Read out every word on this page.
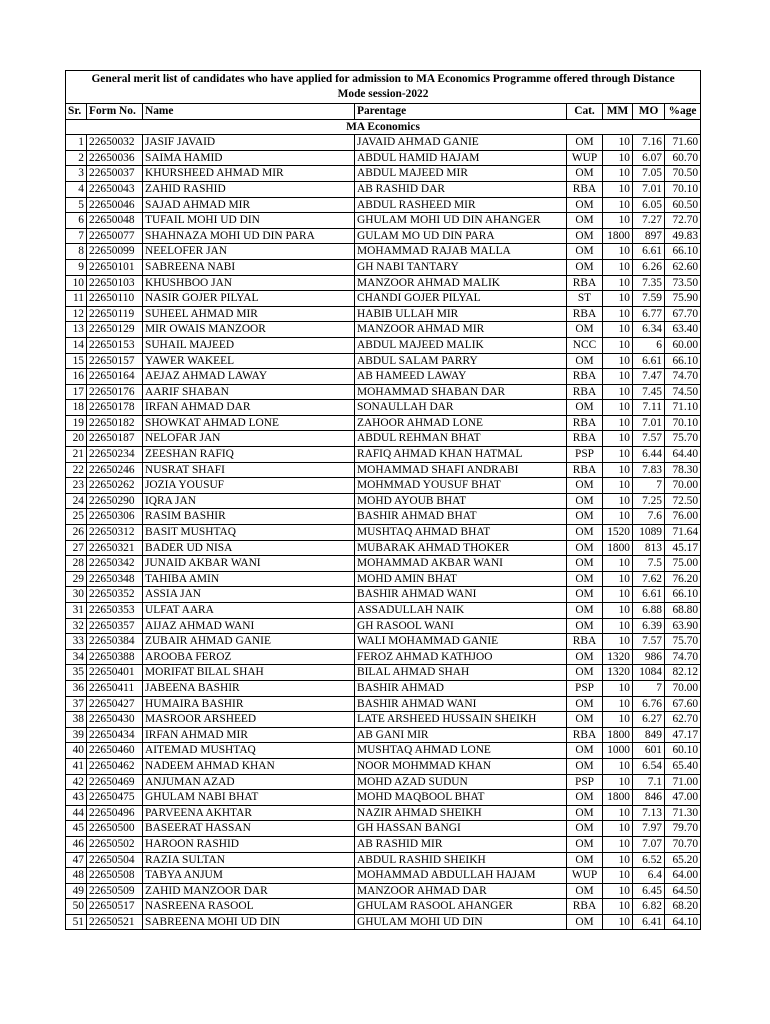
General merit list of candidates who have applied for admission to MA Economics Programme offered through Distance
Mode session-2022							
Sr.	Form No.	Name	Parentage	Cat.	MM	MO	%age
MA Economics							
1	22650032	JASIF JAVAID	JAVAID AHMAD GANIE	OM	10	7.16	71.60
2	22650036	SAIMA HAMID	ABDUL HAMID HAJAM	WUP	10	6.07	60.70
3	22650037	KHURSHEED AHMAD MIR	ABDUL MAJEED MIR	OM	10	7.05	70.50
4	22650043	ZAHID RASHID	AB RASHID DAR	RBA	10	7.01	70.10
5	22650046	SAJAD AHMAD MIR	ABDUL RASHEED MIR	OM	10	6.05	60.50
6	22650048	TUFAIL MOHI UD DIN	GHULAM MOHI UD DIN AHANGER	OM	10	7.27	72.70
7	22650077	SHAHNAZA MOHI UD DIN PARA	GULAM MO UD DIN PARA	OM	1800	897	49.83
8	22650099	NEELOFER JAN	MOHAMMAD RAJAB MALLA	OM	10	6.61	66.10
9	22650101	SABREENA NABI	GH NABI TANTARY	OM	10	6.26	62.60
10	22650103	KHUSHBOO JAN	MANZOOR AHMAD MALIK	RBA	10	7.35	73.50
11	22650110	NASIR GOJER PILYAL	CHANDI GOJER PILYAL	ST	10	7.59	75.90
12	22650119	SUHEEL AHMAD MIR	HABIB ULLAH MIR	RBA	10	6.77	67.70
13	22650129	MIR OWAIS MANZOOR	MANZOOR AHMAD MIR	OM	10	6.34	63.40
14	22650153	SUHAIL MAJEED	ABDUL MAJEED MALIK	NCC	10	6	60.00
15	22650157	YAWER WAKEEL	ABDUL SALAM PARRY	OM	10	6.61	66.10
16	22650164	AEJAZ AHMAD LAWAY	AB HAMEED LAWAY	RBA	10	7.47	74.70
17	22650176	AARIF SHABAN	MOHAMMAD SHABAN DAR	RBA	10	7.45	74.50
18	22650178	IRFAN AHMAD DAR	SONAULLAH DAR	OM	10	7.11	71.10
19	22650182	SHOWKAT AHMAD LONE	ZAHOOR AHMAD LONE	RBA	10	7.01	70.10
20	22650187	NELOFAR JAN	ABDUL REHMAN BHAT	RBA	10	7.57	75.70
21	22650234	ZEESHAN RAFIQ	RAFIQ AHMAD KHAN HATMAL	PSP	10	6.44	64.40
22	22650246	NUSRAT SHAFI	MOHAMMAD SHAFI ANDRABI	RBA	10	7.83	78.30
23	22650262	JOZIA YOUSUF	MOHMMAD YOUSUF BHAT	OM	10	7	70.00
24	22650290	IQRA JAN	MOHD AYOUB BHAT	OM	10	7.25	72.50
25	22650306	RASIM BASHIR	BASHIR AHMAD BHAT	OM	10	7.6	76.00
26	22650312	BASIT MUSHTAQ	MUSHTAQ AHMAD BHAT	OM	1520	1089	71.64
27	22650321	BADER UD NISA	MUBARAK AHMAD THOKER	OM	1800	813	45.17
28	22650342	JUNAID AKBAR WANI	MOHAMMAD AKBAR WANI	OM	10	7.5	75.00
29	22650348	TAHIBA AMIN	MOHD AMIN BHAT	OM	10	7.62	76.20
30	22650352	ASSIA JAN	BASHIR AHMAD WANI	OM	10	6.61	66.10
31	22650353	ULFAT AARA	ASSADULLAH NAIK	OM	10	6.88	68.80
32	22650357	AIJAZ AHMAD WANI	GH RASOOL WANI	OM	10	6.39	63.90
33	22650384	ZUBAIR AHMAD GANIE	WALI MOHAMMAD GANIE	RBA	10	7.57	75.70
34	22650388	AROOBA FEROZ	FEROZ AHMAD KATHJOO	OM	1320	986	74.70
35	22650401	MORIFAT BILAL SHAH	BILAL AHMAD SHAH	OM	1320	1084	82.12
36	22650411	JABEENA BASHIR	BASHIR AHMAD	PSP	10	7	70.00
37	22650427	HUMAIRA BASHIR	BASHIR AHMAD WANI	OM	10	6.76	67.60
38	22650430	MASROOR ARSHEED	LATE ARSHEED HUSSAIN SHEIKH	OM	10	6.27	62.70
39	22650434	IRFAN AHMAD MIR	AB GANI MIR	RBA	1800	849	47.17
40	22650460	AITEMAD MUSHTAQ	MUSHTAQ AHMAD LONE	OM	1000	601	60.10
41	22650462	NADEEM AHMAD KHAN	NOOR MOHMMAD KHAN	OM	10	6.54	65.40
42	22650469	ANJUMAN AZAD	MOHD AZAD SUDUN	PSP	10	7.1	71.00
43	22650475	GHULAM NABI BHAT	MOHD MAQBOOL BHAT	OM	1800	846	47.00
44	22650496	PARVEENA AKHTAR	NAZIR AHMAD SHEIKH	OM	10	7.13	71.30
45	22650500	BASEERAT HASSAN	GH HASSAN BANGI	OM	10	7.97	79.70
46	22650502	HAROON RASHID	AB RASHID MIR	OM	10	7.07	70.70
47	22650504	RAZIA SULTAN	ABDUL RASHID SHEIKH	OM	10	6.52	65.20
48	22650508	TABYA ANJUM	MOHAMMAD ABDULLAH HAJAM	WUP	10	6.4	64.00
49	22650509	ZAHID MANZOOR DAR	MANZOOR AHMAD DAR	OM	10	6.45	64.50
50	22650517	NASREENA RASOOL	GHULAM RASOOL AHANGER	RBA	10	6.82	68.20
51	22650521	SABREENA MOHI UD DIN	GHULAM MOHI UD DIN	OM	10	6.41	64.10
